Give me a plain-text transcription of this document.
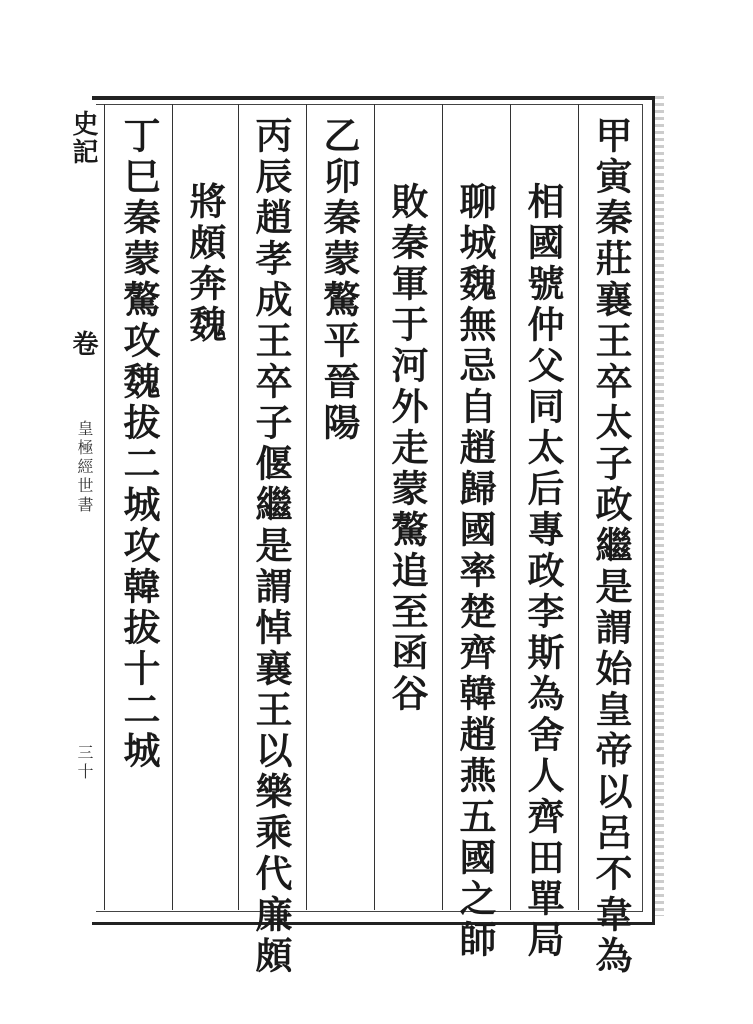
甲寅秦莊襄王卒太子政繼是謂始皇帝以呂不韋為
相國號仲父同太后專政李斯為舍人齊田單局
聊城魏無忌自趙歸國率楚齊韓趙燕五國之師
敗秦軍于河外走蒙驁追至函谷
乙卯秦蒙驁平晉陽
丙辰趙孝成王卒子偃繼是謂悼襄王以樂乘代廉頗
將頗奔魏
丁巳秦蒙驁攻魏拔二城攻韓拔十二城
史記
卷
皇極經世書
三十
